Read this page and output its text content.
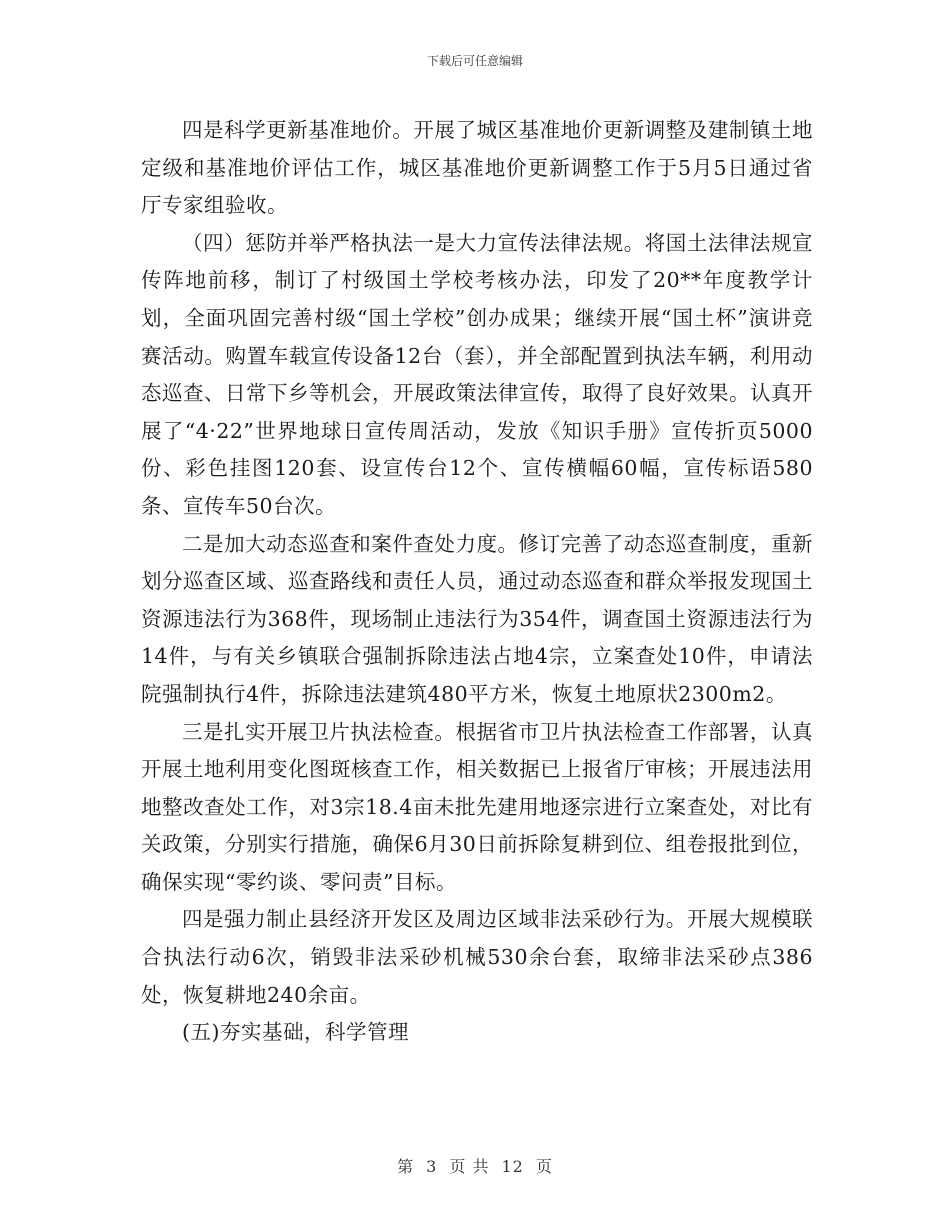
下载后可任意编辑

四是科学更新基准地价。开展了城区基准地价更新调整及建制镇土地定级和基准地价评估工作，城区基准地价更新调整工作于5月5日通过省厅专家组验收。

（四）惩防并举严格执法一是大力宣传法律法规。将国土法律法规宣传阵地前移，制订了村级国土学校考核办法，印发了20**年度教学计划，全面巩固完善村级“国土学校”创办成果；继续开展“国土杯”演讲竞赛活动。购置车载宣传设备12台（套），并全部配置到执法车辆，利用动态巡查、日常下乡等机会，开展政策法律宣传，取得了良好效果。认真开展了“4·22”世界地球日宣传周活动，发放《知识手册》宣传折页5000份、彩色挂图120套、设宣传台12个、宣传横幅60幅，宣传标语580条、宣传车50台次。

二是加大动态巡查和案件查处力度。修订完善了动态巡查制度，重新划分巡查区域、巡查路线和责任人员，通过动态巡查和群众举报发现国土资源违法行为368件，现场制止违法行为354件，调查国土资源违法行为14件，与有关乡镇联合强制拆除违法占地4宗，立案查处10件，申请法院强制执行4件，拆除违法建筑480平方米，恢复土地原状2300m2。

三是扎实开展卫片执法检查。根据省市卫片执法检查工作部署，认真开展土地利用变化图斑核查工作，相关数据已上报省厅审核；开展违法用地整改查处工作，对3宗18.4亩未批先建用地逐宗进行立案查处，对比有关政策，分别实行措施，确保6月30日前拆除复耕到位、组卷报批到位，确保实现“零约谈、零问责”目标。

四是强力制止县经济开发区及周边区域非法采砂行为。开展大规模联合执法行动6次，销毁非法采砂机械530余台套，取缔非法采砂点386处，恢复耕地240余亩。

(五)夯实基础，科学管理

第 3 页 共 12 页
